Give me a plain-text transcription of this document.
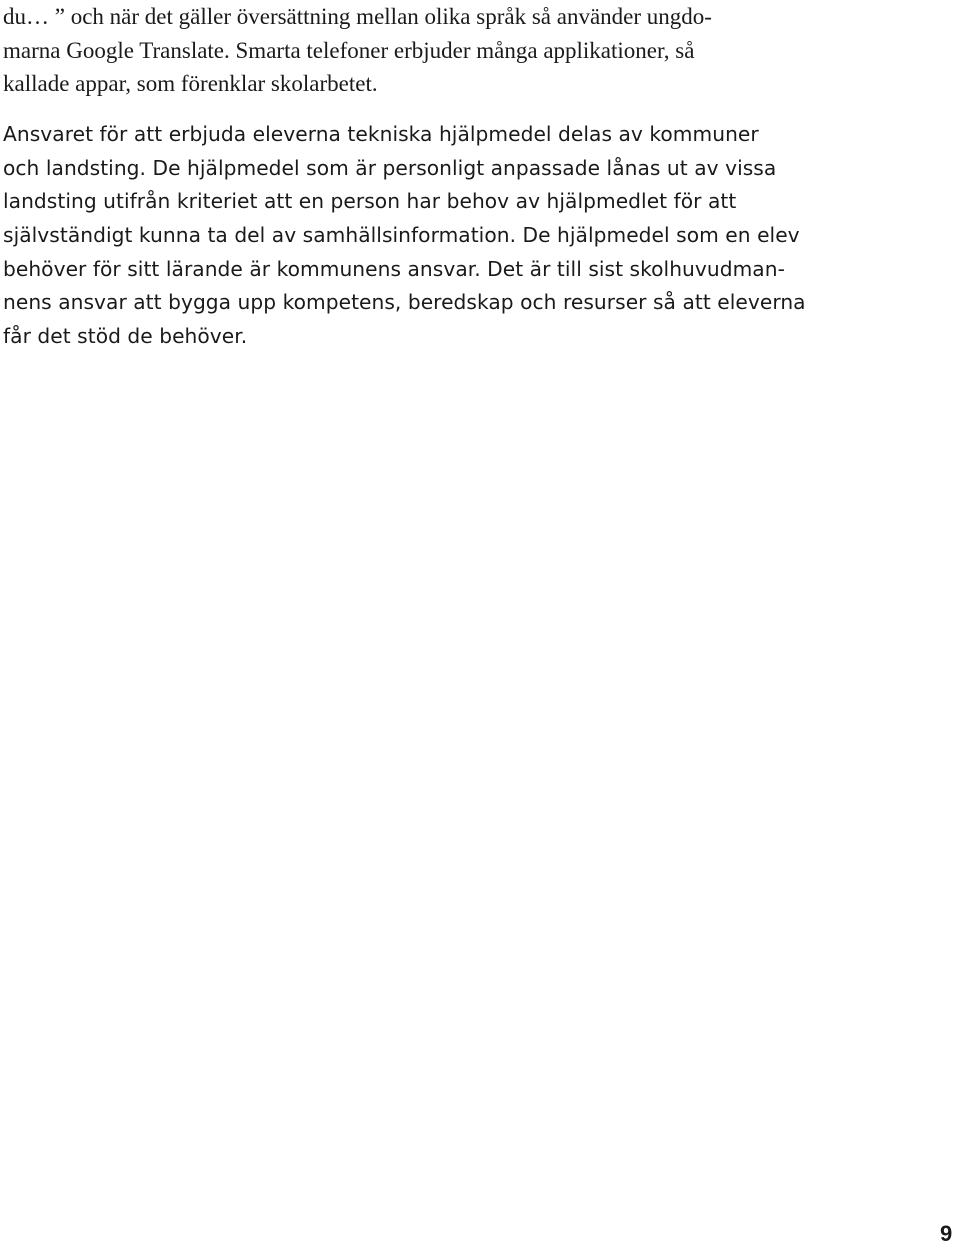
du… ” och när det gäller översättning mellan olika språk så använder ungdo-
marna Google Translate. Smarta telefoner erbjuder många applikationer, så
kallade appar, som förenklar skolarbetet.

Ansvaret för att erbjuda eleverna tekniska hjälpmedel delas av kommuner
och landsting. De hjälpmedel som är personligt anpassade lånas ut av vissa
landsting utifrån kriteriet att en person har behov av hjälpmedlet för att
självständigt kunna ta del av samhällsinformation. De hjälpmedel som en elev
behöver för sitt lärande är kommunens ansvar. Det är till sist skolhuvudman-
nens ansvar att bygga upp kompetens, beredskap och resurser så att eleverna
får det stöd de behöver.

9
